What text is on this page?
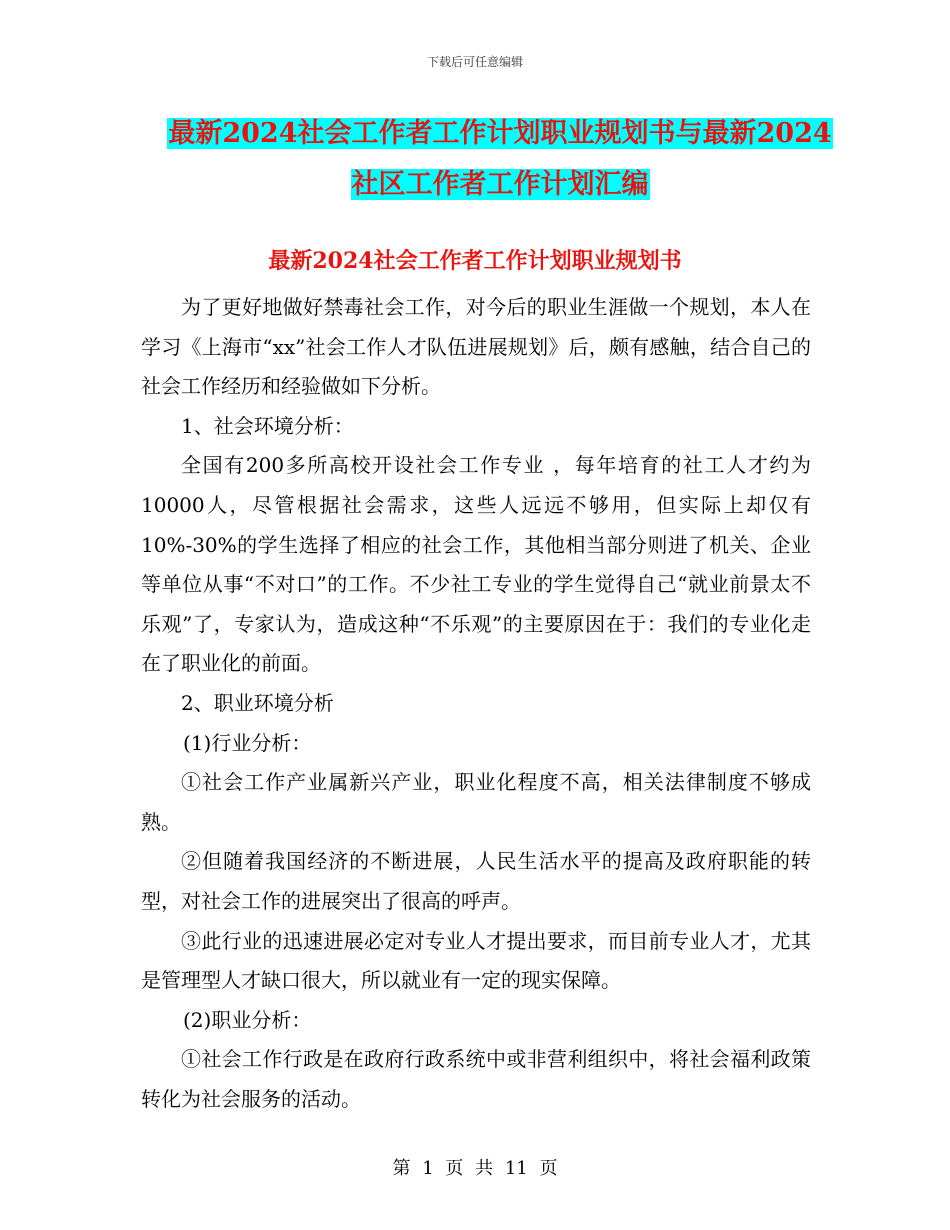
下载后可任意编辑
最新2024社会工作者工作计划职业规划书与最新2024
社区工作者工作计划汇编
最新2024社会工作者工作计划职业规划书

为了更好地做好禁毒社会工作，对今后的职业生涯做一个规划，本人在学习《上海市“xx”社会工作人才队伍进展规划》后，颇有感触，结合自己的社会工作经历和经验做如下分析。

1、社会环境分析：

全国有200多所高校开设社会工作专业 ，每年培育的社工人才约为10000人，尽管根据社会需求，这些人远远不够用，但实际上却仅有10%-30%的学生选择了相应的社会工作，其他相当部分则进了机关、企业等单位从事“不对口”的工作。不少社工专业的学生觉得自己“就业前景太不乐观”了，专家认为，造成这种“不乐观”的主要原因在于：我们的专业化走在了职业化的前面。

2、职业环境分析

(1)行业分析：

①社会工作产业属新兴产业，职业化程度不高，相关法律制度不够成熟。

②但随着我国经济的不断进展，人民生活水平的提高及政府职能的转型，对社会工作的进展突出了很高的呼声。

③此行业的迅速进展必定对专业人才提出要求，而目前专业人才，尤其是管理型人才缺口很大，所以就业有一定的现实保障。

(2)职业分析：

①社会工作行政是在政府行政系统中或非营利组织中，将社会福利政策转化为社会服务的活动。

第 1 页 共 11 页
